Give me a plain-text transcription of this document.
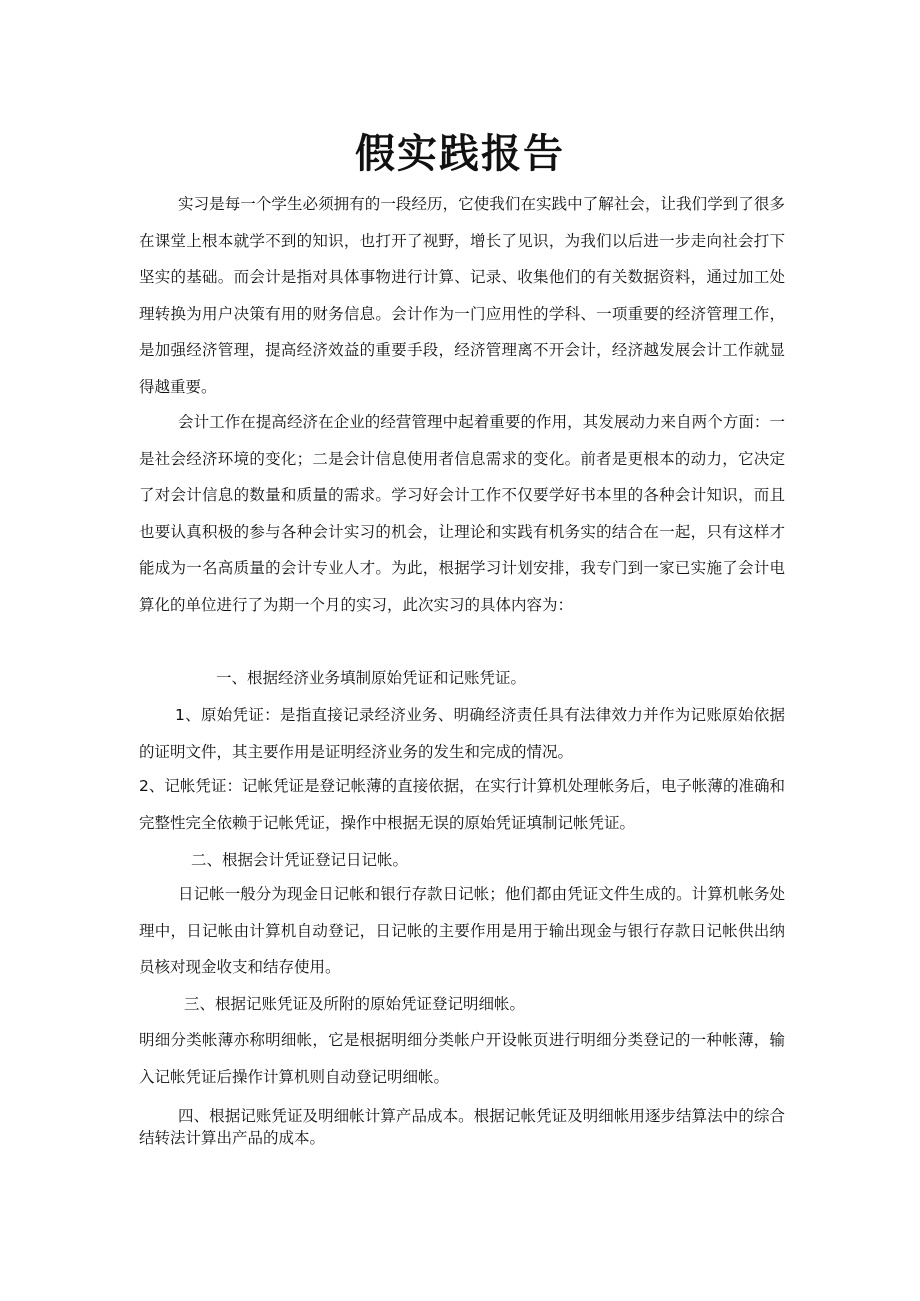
假实践报告

实习是每一个学生必须拥有的一段经历，它使我们在实践中了解社会，让我们学到了很多在课堂上根本就学不到的知识，也打开了视野，增长了见识，为我们以后进一步走向社会打下坚实的基础。而会计是指对具体事物进行计算、记录、收集他们的有关数据资料，通过加工处理转换为用户决策有用的财务信息。会计作为一门应用性的学科、一项重要的经济管理工作，是加强经济管理，提高经济效益的重要手段，经济管理离不开会计，经济越发展会计工作就显得越重要。

会计工作在提高经济在企业的经营管理中起着重要的作用，其发展动力来自两个方面：一是社会经济环境的变化；二是会计信息使用者信息需求的变化。前者是更根本的动力，它决定了对会计信息的数量和质量的需求。学习好会计工作不仅要学好书本里的各种会计知识，而且也要认真积极的参与各种会计实习的机会，让理论和实践有机务实的结合在一起，只有这样才能成为一名高质量的会计专业人才。为此，根据学习计划安排，我专门到一家已实施了会计电算化的单位进行了为期一个月的实习，此次实习的具体内容为：

一、根据经济业务填制原始凭证和记账凭证。

1、原始凭证：是指直接记录经济业务、明确经济责任具有法律效力并作为记账原始依据的证明文件，其主要作用是证明经济业务的发生和完成的情况。

2、记帐凭证：记帐凭证是登记帐薄的直接依据，在实行计算机处理帐务后，电子帐薄的准确和完整性完全依赖于记帐凭证，操作中根据无误的原始凭证填制记帐凭证。

二、根据会计凭证登记日记帐。

日记帐一般分为现金日记帐和银行存款日记帐；他们都由凭证文件生成的。计算机帐务处理中，日记帐由计算机自动登记，日记帐的主要作用是用于输出现金与银行存款日记帐供出纳员核对现金收支和结存使用。

三、根据记账凭证及所附的原始凭证登记明细帐。

明细分类帐薄亦称明细帐，它是根据明细分类帐户开设帐页进行明细分类登记的一种帐薄，输入记帐凭证后操作计算机则自动登记明细帐。

四、根据记账凭证及明细帐计算产品成本。根据记帐凭证及明细帐用逐步结算法中的综合结转法计算出产品的成本。
